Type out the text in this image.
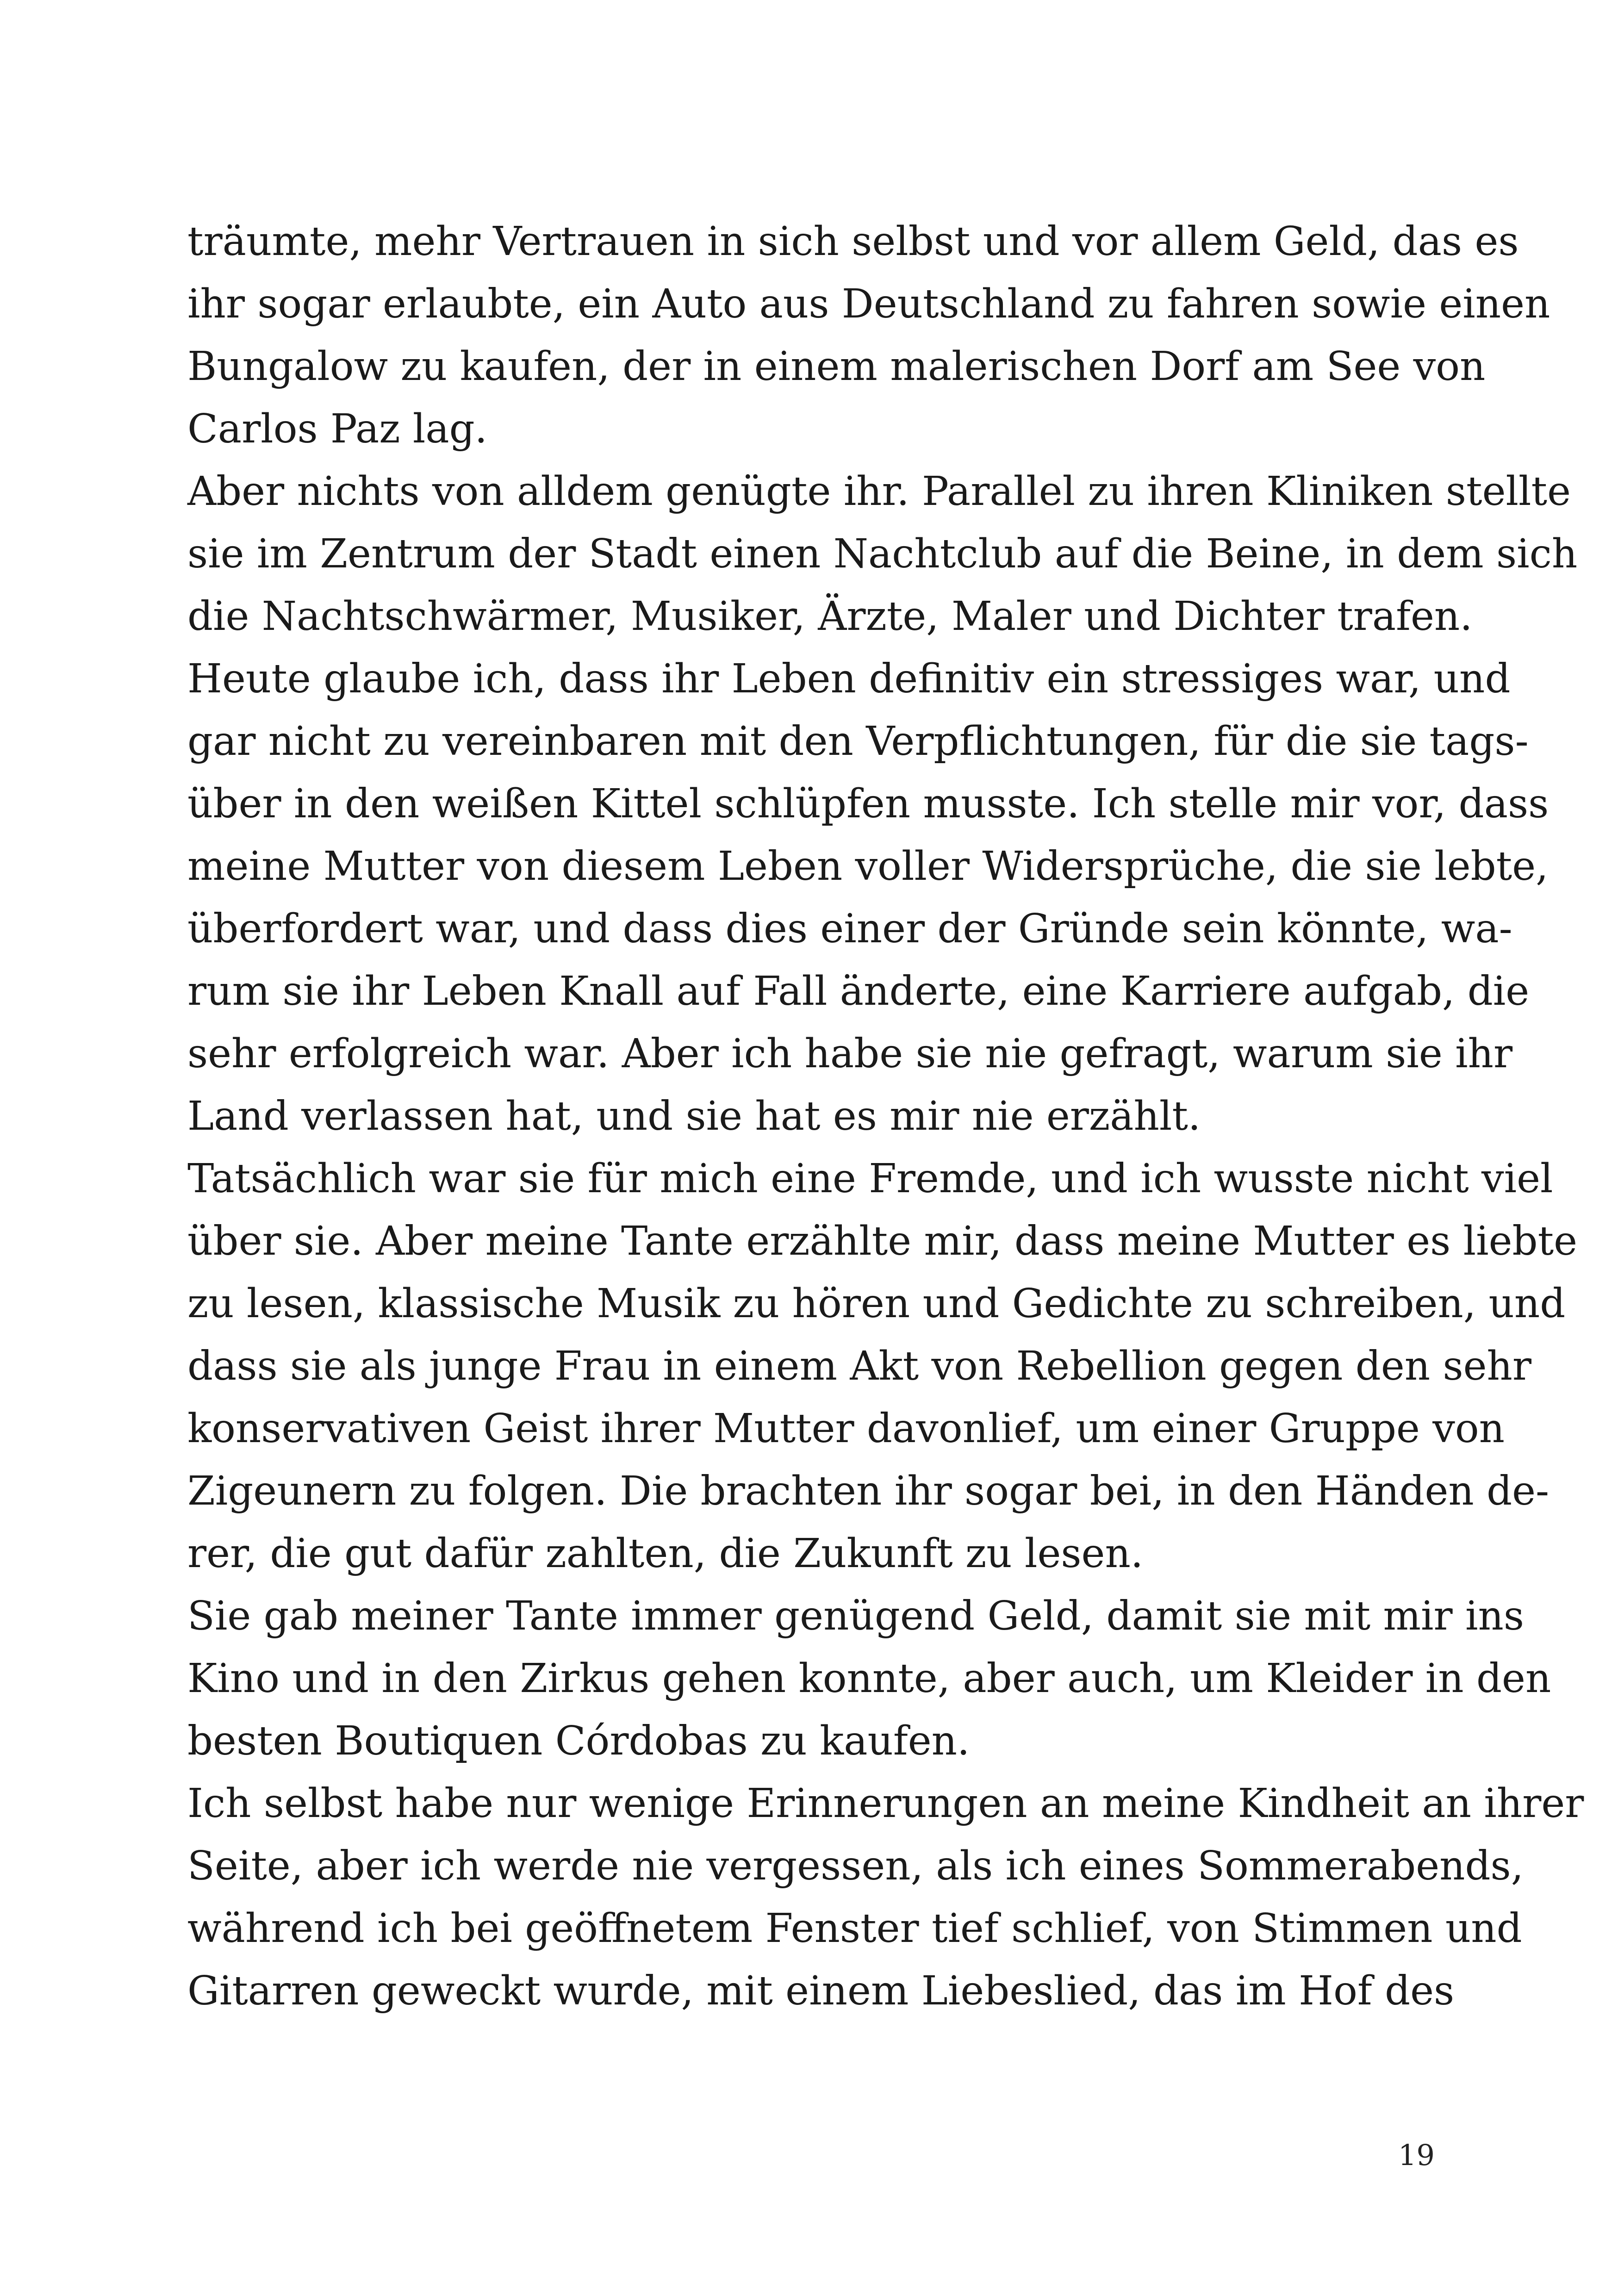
träumte, mehr Vertrauen in sich selbst und vor allem Geld, das es
ihr sogar erlaubte, ein Auto aus Deutschland zu fahren sowie einen
Bungalow zu kaufen, der in einem malerischen Dorf am See von
Carlos Paz lag.
Aber nichts von alldem genügte ihr. Parallel zu ihren Kliniken stellte
sie im Zentrum der Stadt einen Nachtclub auf die Beine, in dem sich
die Nachtschwärmer, Musiker, Ärzte, Maler und Dichter trafen.
Heute glaube ich, dass ihr Leben definitiv ein stressiges war, und
gar nicht zu vereinbaren mit den Verpflichtungen, für die sie tags-
über in den weißen Kittel schlüpfen musste. Ich stelle mir vor, dass
meine Mutter von diesem Leben voller Widersprüche, die sie lebte,
überfordert war, und dass dies einer der Gründe sein könnte, wa-
rum sie ihr Leben Knall auf Fall änderte, eine Karriere aufgab, die
sehr erfolgreich war. Aber ich habe sie nie gefragt, warum sie ihr
Land verlassen hat, und sie hat es mir nie erzählt.
Tatsächlich war sie für mich eine Fremde, und ich wusste nicht viel
über sie. Aber meine Tante erzählte mir, dass meine Mutter es liebte
zu lesen, klassische Musik zu hören und Gedichte zu schreiben, und
dass sie als junge Frau in einem Akt von Rebellion gegen den sehr
konservativen Geist ihrer Mutter davonlief, um einer Gruppe von
Zigeunern zu folgen. Die brachten ihr sogar bei, in den Händen de-
rer, die gut dafür zahlten, die Zukunft zu lesen.
Sie gab meiner Tante immer genügend Geld, damit sie mit mir ins
Kino und in den Zirkus gehen konnte, aber auch, um Kleider in den
besten Boutiquen Córdobas zu kaufen.
Ich selbst habe nur wenige Erinnerungen an meine Kindheit an ihrer
Seite, aber ich werde nie vergessen, als ich eines Sommerabends,
während ich bei geöffnetem Fenster tief schlief, von Stimmen und
Gitarren geweckt wurde, mit einem Liebeslied, das im Hof des
19
